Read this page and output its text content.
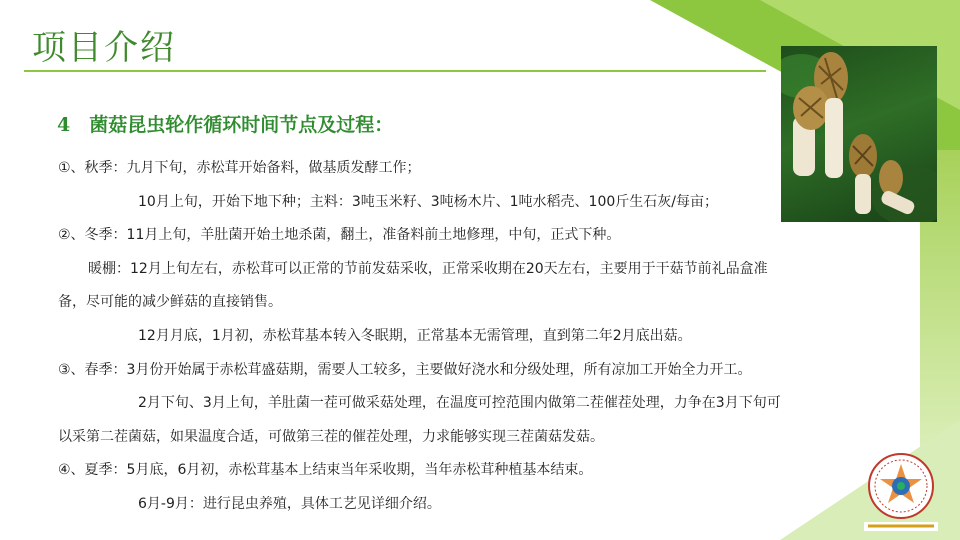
项目介绍
4　菌菇昆虫轮作循环时间节点及过程：

①、秋季：九月下旬，赤松茸开始备料，做基质发酵工作；

10月上旬，开始下地下种；主料：3吨玉米籽、3吨杨木片、1吨水稻壳、100斤生石灰/每亩；

②、冬季：11月上旬，羊肚菌开始土地杀菌，翻土，准备料前土地修理，中旬，正式下种。

暖棚：12月上旬左右，赤松茸可以正常的节前发菇采收，正常采收期在20天左右，主要用于干菇节前礼品盒准

备，尽可能的减少鲜菇的直接销售。

12月月底，1月初，赤松茸基本转入冬眠期，正常基本无需管理，直到第二年2月底出菇。

③、春季：3月份开始属于赤松茸盛菇期，需要人工较多，主要做好浇水和分级处理，所有凉加工开始全力开工。

2月下旬、3月上旬，羊肚菌一茬可做采菇处理，在温度可控范围内做第二茬催茬处理，力争在3月下旬可

以采第二茬菌菇，如果温度合适，可做第三茬的催茬处理，力求能够实现三茬菌菇发菇。

④、夏季：5月底，6月初，赤松茸基本上结束当年采收期，当年赤松茸种植基本结束。

6月-9月：进行昆虫养殖，具体工艺见详细介绍。
